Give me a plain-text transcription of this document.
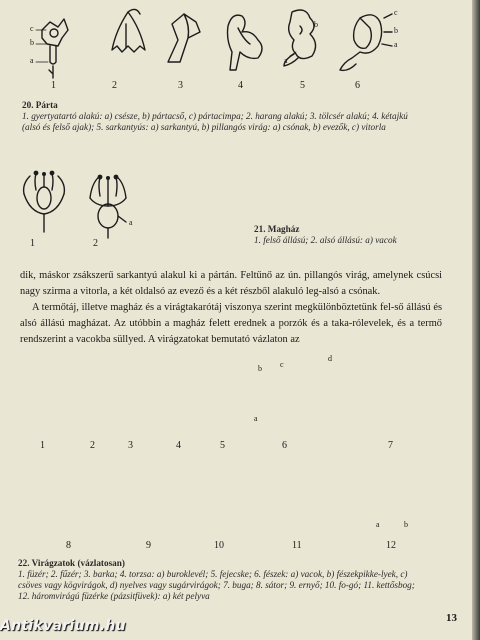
1	2	3	4	5	6
c
b
a	a
b
c
b
a
20. Párta
1. gyertyatartó alakú: a) csésze, b) pártacső, c) pártacimpa; 2. harang alakú; 3. tölcsér alakú; 4. kétajkú (alsó és felső ajak); 5. sarkantyús: a) sarkantyú, b) pillangós virág: a) csónak, b) evezők, c) vitorla
1	2
a
21. Magház
1. felső állású; 2. alsó állású: a) vacok

dik, máskor zsákszerű sarkantyú alakul ki a pártán. Feltűnő az ún. pillangós virág, amelynek csúcsi nagy szirma a vitorla, a két oldalsó az evező és a két részből alakuló leg-alsó a csónak.

A termőtáj, illetve magház és a virágtakarótáj viszonya szerint megkülönböztetünk fel-ső állású és alsó állású magházat. Az utóbbin a magház felett erednek a porzók és a taka-rólevelek, és a termő rendszerint a vacokba süllyed. A virágzatokat bemutató vázlaton az

1	2	3	4	5	6	7
8	9	10	11	12
a
b c
d
a	b
22. Virágzatok (vázlatosan)
1. füzér; 2. fűzér; 3. barka; 4. torzsa: a) buroklevél; 5. fejecske; 6. fészek: a) vacok, b) fészekpikke-lyek, c) csöves vagy kögvirágok, d) nyelves vagy sugárvirágok; 7. buga; 8. sátor; 9. ernyő; 10. fo-gó; 11. kettősbog; 12. háromvirágú füzérke (pázsitfüvek): a) két pelyva
13
Antikvarium.hu
